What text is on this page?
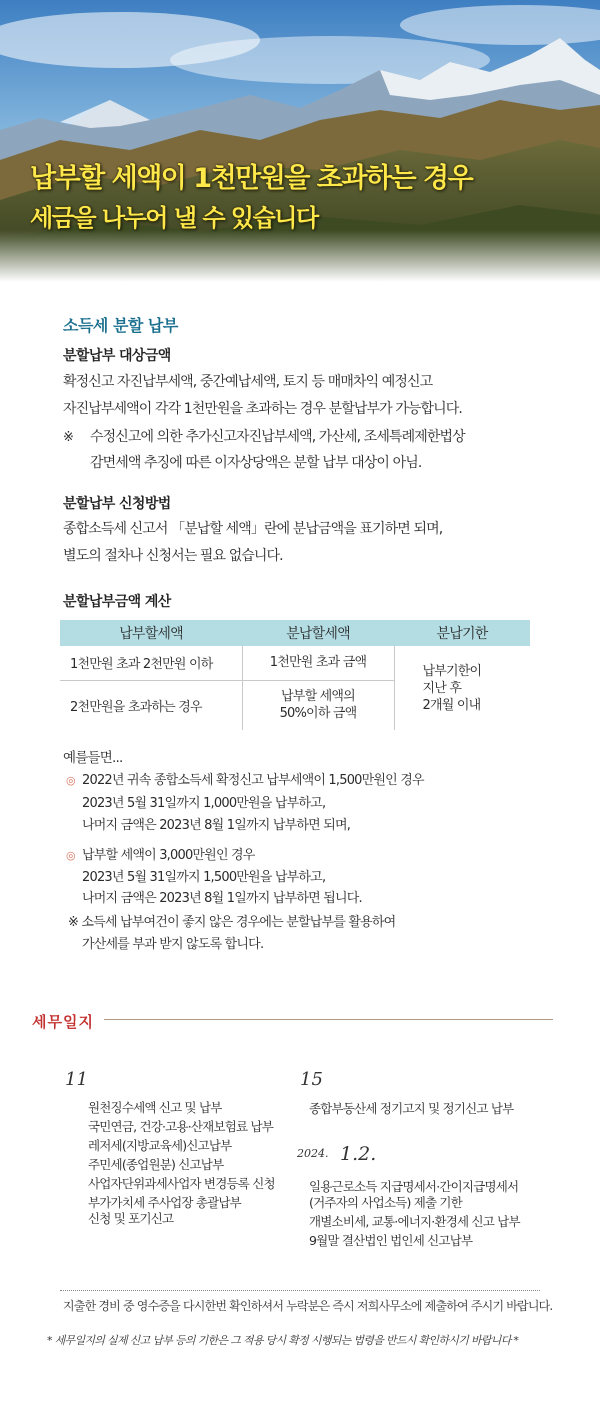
납부할 세액이 1천만원을 초과하는 경우
세금을 나누어 낼 수 있습니다
소득세 분할 납부
분할납부 대상금액
확정신고 자진납부세액, 중간예납세액, 토지 등 매매차익 예정신고
자진납부세액이 각각 1천만원을 초과하는 경우 분할납부가 가능합니다.
※ 수정신고에 의한 추가신고자진납부세액, 가산세, 조세특례제한법상
감면세액 추징에 따른 이자상당액은 분할 납부 대상이 아님.
분할납부 신청방법
종합소득세 신고서 「분납할 세액」란에 분납금액을 표기하면 되며,
별도의 절차나 신청서는 필요 없습니다.
분할납부금액 계산
납부할세액	분납할세액	분납기한
1천만원 초과 2천만원 이하	1천만원 초과 금액	납부기한이
지난 후
2개월 이내

2천만원을 초과하는 경우	납부할 세액의
50%이하 금액	
예를들면...
◎ 2022년 귀속 종합소득세 확정신고 납부세액이 1,500만원인 경우
2023년 5월 31일까지 1,000만원을 납부하고,
나머지 금액은 2023년 8월 1일까지 납부하면 되며,
◎ 납부할 세액이 3,000만원인 경우
2023년 5월 31일까지 1,500만원을 납부하고,
나머지 금액은 2023년 8월 1일까지 납부하면 됩니다.
※ 소득세 납부여건이 좋지 않은 경우에는 분할납부를 활용하여
가산세를 부과 받지 않도록 합니다.
세무일지
11
원천징수세액 신고 및 납부
국민연금, 건강·고용·산재보험료 납부
레저세(지방교육세)신고납부
주민세(종업원분) 신고납부
사업자단위과세사업자 변경등록 신청
부가가치세 주사업장 총괄납부
신청 및 포기신고
15
종합부동산세 정기고지 및 정기신고 납부
2024. 1.2.
일용근로소득 지급명세서·간이지급명세서
(거주자의 사업소득) 제출 기한
개별소비세, 교통·에너지·환경세 신고 납부
9월말 결산법인 법인세 신고납부
지출한 경비 중 영수증을 다시한번 확인하셔서 누락분은 즉시 저희사무소에 제출하여 주시기 바랍니다.
* 세무일지의 실제 신고 납부 등의 기한은 그 적용 당시 확정 시행되는 법령을 반드시 확인하시기 바랍니다 *
